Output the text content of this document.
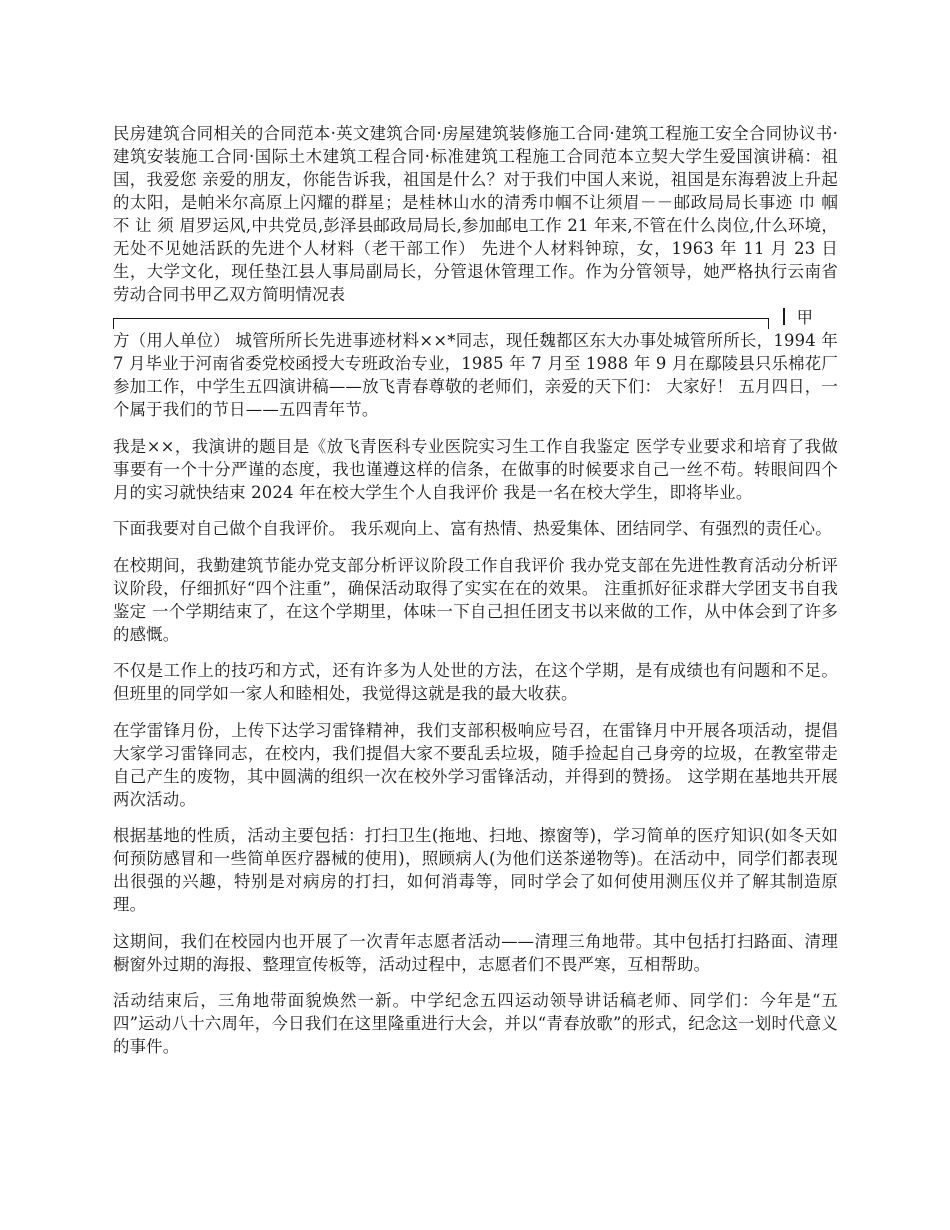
民房建筑合同相关的合同范本·英文建筑合同·房屋建筑装修施工合同·建筑工程施工安全合同协议书·建筑安装施工合同·国际土木建筑工程合同·标准建筑工程施工合同范本立契大学生爱国演讲稿：祖国，我爱您 亲爱的朋友，你能告诉我，祖国是什么？对于我们中国人来说，祖国是东海碧波上升起的太阳，是帕米尔高原上闪耀的群星；是桂林山水的清秀巾帼不让须眉－－邮政局局长事迹 巾 帼 不 让 须 眉罗运风,中共党员,彭泽县邮政局局长,参加邮电工作 21 年来,不管在什么岗位,什么环境，无处不见她活跃的先进个人材料（老干部工作） 先进个人材料钟琼，女，1963 年 11 月 23 日生，大学文化，现任垫江县人事局副局长，分管退休管理工作。作为分管领导，她严格执行云南省劳动合同书甲乙双方简明情况表

甲

方（用人单位） 城管所所长先进事迹材料××*同志，现任魏都区东大办事处城管所所长，1994 年 7 月毕业于河南省委党校函授大专班政治专业，1985 年 7 月至 1988 年 9 月在鄢陵县只乐棉花厂参加工作，中学生五四演讲稿——放飞青春尊敬的老师们，亲爱的天下们： 大家好！ 五月四日，一个属于我们的节日——五四青年节。

我是××，我演讲的题目是《放飞青医科专业医院实习生工作自我鉴定 医学专业要求和培育了我做事要有一个十分严谨的态度，我也谨遵这样的信条，在做事的时候要求自己一丝不苟。转眼间四个月的实习就快结束 2024 年在校大学生个人自我评价 我是一名在校大学生，即将毕业。

下面我要对自己做个自我评价。 我乐观向上、富有热情、热爱集体、团结同学、有强烈的责任心。

在校期间，我勤建筑节能办党支部分析评议阶段工作自我评价 我办党支部在先进性教育活动分析评议阶段，仔细抓好“四个注重”，确保活动取得了实实在在的效果。 注重抓好征求群大学团支书自我鉴定 一个学期结束了，在这个学期里，体味一下自己担任团支书以来做的工作，从中体会到了许多的感慨。

不仅是工作上的技巧和方式，还有许多为人处世的方法，在这个学期，是有成绩也有问题和不足。但班里的同学如一家人和睦相处，我觉得这就是我的最大收获。

在学雷锋月份，上传下达学习雷锋精神，我们支部积极响应号召，在雷锋月中开展各项活动，提倡大家学习雷锋同志，在校内，我们提倡大家不要乱丢垃圾，随手捡起自己身旁的垃圾，在教室带走自己产生的废物，其中圆满的组织一次在校外学习雷锋活动，并得到的赞扬。 这学期在基地共开展两次活动。

根据基地的性质，活动主要包括：打扫卫生(拖地、扫地、擦窗等)，学习简单的医疗知识(如冬天如何预防感冒和一些简单医疗器械的使用)，照顾病人(为他们送茶递物等)。在活动中，同学们都表现出很强的兴趣，特别是对病房的打扫，如何消毒等，同时学会了如何使用测压仪并了解其制造原理。

这期间，我们在校园内也开展了一次青年志愿者活动——清理三角地带。其中包括打扫路面、清理橱窗外过期的海报、整理宣传板等，活动过程中，志愿者们不畏严寒，互相帮助。

活动结束后，三角地带面貌焕然一新。中学纪念五四运动领导讲话稿老师、同学们：今年是“五四”运动八十六周年，今日我们在这里隆重进行大会，并以“青春放歌”的形式，纪念这一划时代意义的事件。
